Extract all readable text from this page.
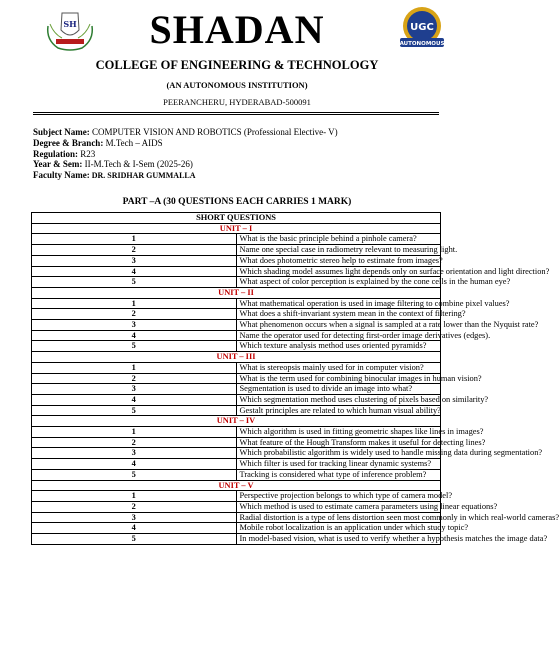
SH	UGC
AUTONOMOUS
SHADAN
COLLEGE OF ENGINEERING & TECHNOLOGY
(AN AUTONOMOUS INSTITUTION)
PEERANCHERU, HYDERABAD-500091
Subject Name: COMPUTER VISION AND ROBOTICS (Professional Elective- V)
Degree & Branch: M.Tech – AIDS
Regulation: R23
Year & Sem: II-M.Tech & I-Sem (2025-26)
Faculty Name: DR. SRIDHAR GUMMALLA
PART –A (30 QUESTIONS EACH CARRIES 1 MARK)
SHORT QUESTIONS	
UNIT – I	
1	What is the basic principle behind a pinhole camera?
2	Name one special case in radiometry relevant to measuring light.
3	What does photometric stereo help to estimate from images?
4	Which shading model assumes light depends only on surface orientation and light direction?
5	What aspect of color perception is explained by the cone cells in the human eye?
UNIT – II	
1	What mathematical operation is used in image filtering to combine pixel values?
2	What does a shift-invariant system mean in the context of filtering?
3	What phenomenon occurs when a signal is sampled at a rate lower than the Nyquist rate?
4	Name the operator used for detecting first-order image derivatives (edges).
5	Which texture analysis method uses oriented pyramids?
UNIT – III	
1	What is stereopsis mainly used for in computer vision?
2	What is the term used for combining binocular images in human vision?
3	Segmentation is used to divide an image into what?
4	Which segmentation method uses clustering of pixels based on similarity?
5	Gestalt principles are related to which human visual ability?
UNIT – IV	
1	Which algorithm is used in fitting geometric shapes like lines in images?
2	What feature of the Hough Transform makes it useful for detecting lines?
3	Which probabilistic algorithm is widely used to handle missing data during segmentation?
4	Which filter is used for tracking linear dynamic systems?
5	Tracking is considered what type of inference problem?
UNIT – V	
1	Perspective projection belongs to which type of camera model?
2	Which method is used to estimate camera parameters using linear equations?
3	Radial distortion is a type of lens distortion seen most commonly in which real-world cameras?
4	Mobile robot localization is an application under which study topic?
5	In model-based vision, what is used to verify whether a hypothesis matches the image data?
